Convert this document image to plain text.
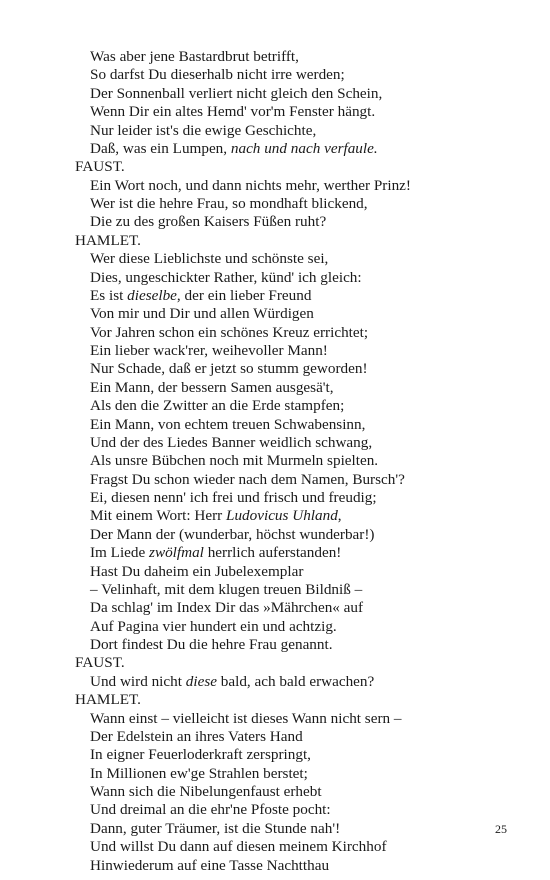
Was aber jene Bastardbrut betrifft,
So darfst Du dieserhalb nicht irre werden;
Der Sonnenball verliert nicht gleich den Schein,
Wenn Dir ein altes Hemd' vor'm Fenster hängt.
Nur leider ist's die ewige Geschichte,
Daß, was ein Lumpen, nach und nach verfaule.
FAUST.
Ein Wort noch, und dann nichts mehr, werther Prinz!
Wer ist die hehre Frau, so mondhaft blickend,
Die zu des großen Kaisers Füßen ruht?
HAMLET.
Wer diese Lieblichste und schönste sei,
Dies, ungeschickter Rather, künd' ich gleich:
Es ist dieselbe, der ein lieber Freund
Von mir und Dir und allen Würdigen
Vor Jahren schon ein schönes Kreuz errichtet;
Ein lieber wack'rer, weihevoller Mann!
Nur Schade, daß er jetzt so stumm geworden!
Ein Mann, der bessern Samen ausgesä't,
Als den die Zwitter an die Erde stampfen;
Ein Mann, von echtem treuen Schwabensinn,
Und der des Liedes Banner weidlich schwang,
Als unsre Bübchen noch mit Murmeln spielten.
Fragst Du schon wieder nach dem Namen, Bursch'?
Ei, diesen nenn' ich frei und frisch und freudig;
Mit einem Wort: Herr Ludovicus Uhland,
Der Mann der (wunderbar, höchst wunderbar!)
Im Liede zwölfmal herrlich auferstanden!
Hast Du daheim ein Jubelexemplar
– Velinhaft, mit dem klugen treuen Bildniß –
Da schlag' im Index Dir das »Mährchen« auf
Auf Pagina vier hundert ein und achtzig.
Dort findest Du die hehre Frau genannt.
FAUST.
Und wird nicht diese bald, ach bald erwachen?
HAMLET.
Wann einst – vielleicht ist dieses Wann nicht sern –
Der Edelstein an ihres Vaters Hand
In eigner Feuerloderkraft zerspringt,
In Millionen ew'ge Strahlen berstet;
Wann sich die Nibelungenfaust erhebt
Und dreimal an die ehr'ne Pfoste pocht:
Dann, guter Träumer, ist die Stunde nah'!
Und willst Du dann auf diesen meinem Kirchhof
Hinwiederum auf eine Tasse Nachtthau
25
